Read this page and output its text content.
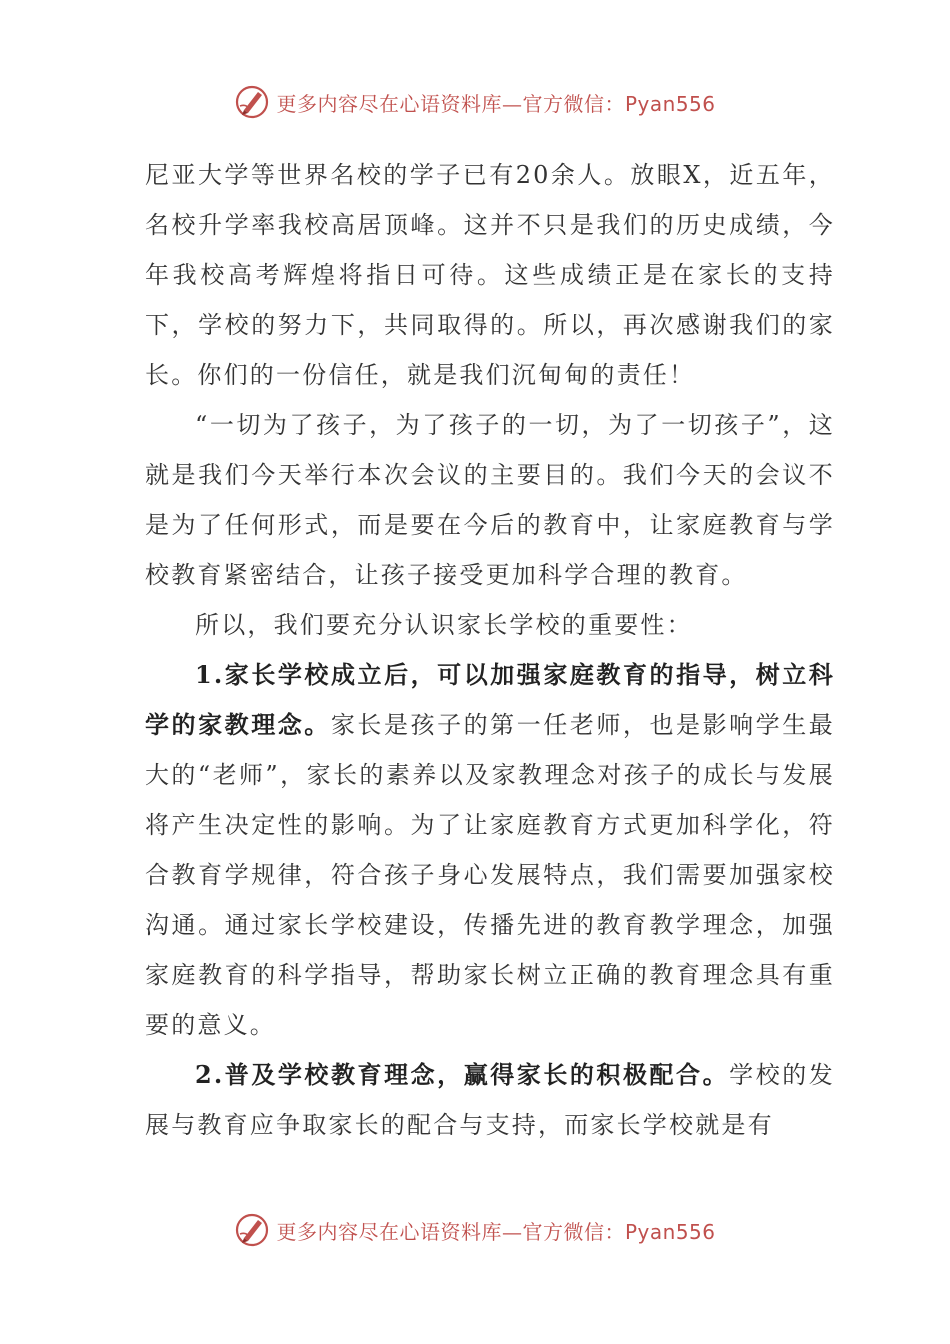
更多内容尽在心语资料库—官方微信：Pyan556

尼亚大学等世界名校的学子已有20余人。放眼X，近五年，名校升学率我校高居顶峰。这并不只是我们的历史成绩，今年我校高考辉煌将指日可待。这些成绩正是在家长的支持下，学校的努力下，共同取得的。所以，再次感谢我们的家长。你们的一份信任，就是我们沉甸甸的责任！

“一切为了孩子，为了孩子的一切，为了一切孩子”，这就是我们今天举行本次会议的主要目的。我们今天的会议不是为了任何形式，而是要在今后的教育中，让家庭教育与学校教育紧密结合，让孩子接受更加科学合理的教育。

所以，我们要充分认识家长学校的重要性：

1.家长学校成立后，可以加强家庭教育的指导，树立科学的家教理念。家长是孩子的第一任老师，也是影响学生最大的“老师”，家长的素养以及家教理念对孩子的成长与发展将产生决定性的影响。为了让家庭教育方式更加科学化，符合教育学规律，符合孩子身心发展特点，我们需要加强家校沟通。通过家长学校建设，传播先进的教育教学理念，加强家庭教育的科学指导，帮助家长树立正确的教育理念具有重要的意义。

2.普及学校教育理念，赢得家长的积极配合。学校的发展与教育应争取家长的配合与支持，而家长学校就是有

更多内容尽在心语资料库—官方微信：Pyan556
